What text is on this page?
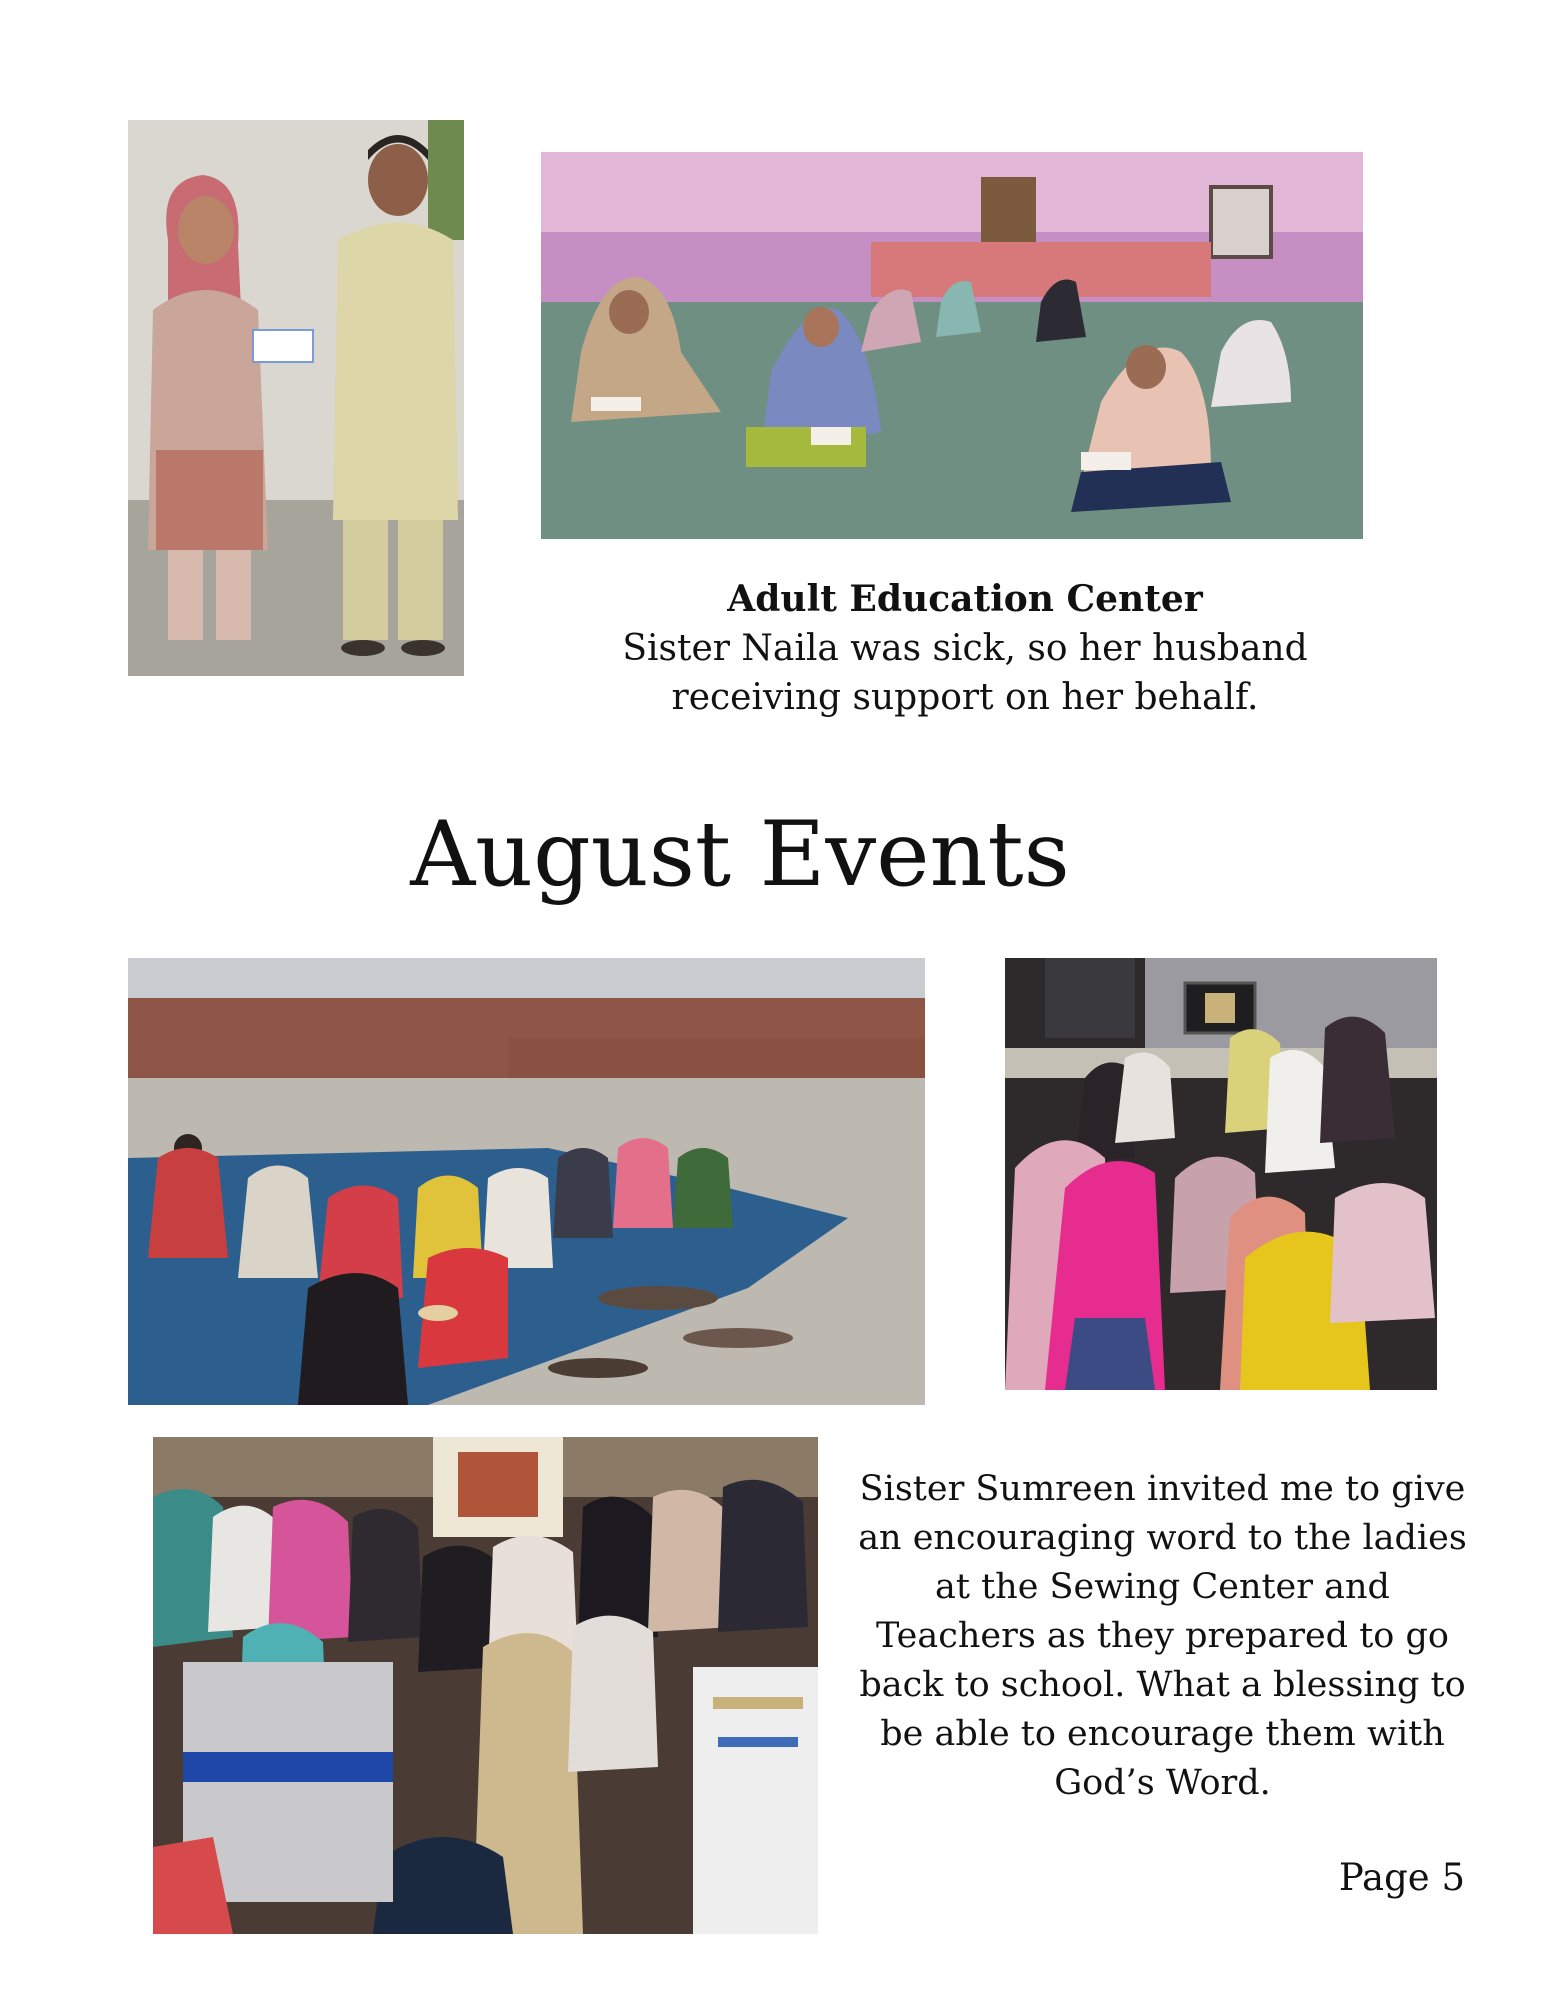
Adult Education Center
Sister Naila was sick, so her husband
receiving support on her behalf.
August Events
Sister Sumreen invited me to give
an encouraging word to the ladies
at the Sewing Center and
Teachers as they prepared to go
back to school. What a blessing to
be able to encourage them with
God’s Word.
Page 5
